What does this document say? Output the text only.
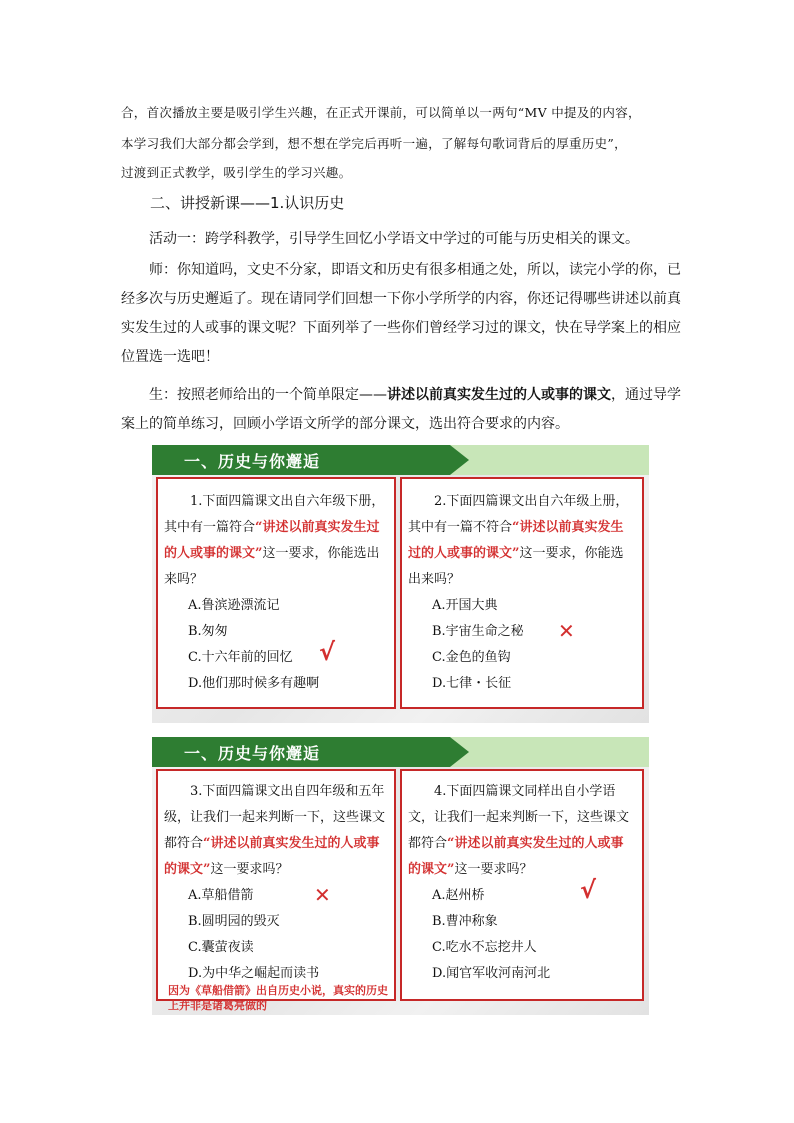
合，首次播放主要是吸引学生兴趣，在正式开课前，可以简单以一两句“MV 中提及的内容，

本学习我们大部分都会学到，想不想在学完后再听一遍，了解每句歌词背后的厚重历史”，

过渡到正式教学，吸引学生的学习兴趣。

二、讲授新课——1.认识历史

活动一：跨学科教学，引导学生回忆小学语文中学过的可能与历史相关的课文。

师：你知道吗，文史不分家，即语文和历史有很多相通之处，所以，读完小学的你，已经多次与历史邂逅了。现在请同学们回想一下你小学所学的内容，你还记得哪些讲述以前真实发生过的人或事的课文呢？下面列举了一些你们曾经学习过的课文，快在导学案上的相应位置选一选吧！

生：按照老师给出的一个简单限定——讲述以前真实发生过的人或事的课文，通过导学案上的简单练习，回顾小学语文所学的部分课文，选出符合要求的内容。

一、历史与你邂逅
1.下面四篇课文出自六年级下册，其中有一篇符合“讲述以前真实发生过的人或事的课文”这一要求，你能选出来吗？
A.鲁滨逊漂流记
B.匆匆
C.十六年前的回忆 √
D.他们那时候多有趣啊
2.下面四篇课文出自六年级上册，其中有一篇不符合“讲述以前真实发生过的人或事的课文”这一要求，你能选出来吗？
A.开国大典
B.宇宙生命之秘 ✕
C.金色的鱼钩
D.七律・长征
一、历史与你邂逅
3.下面四篇课文出自四年级和五年级，让我们一起来判断一下，这些课文都符合“讲述以前真实发生过的人或事的课文”这一要求吗？
A.草船借箭	✕
B.圆明园的毁灭
C.囊萤夜读
D.为中华之崛起而读书
因为《草船借箭》出自历史小说，真实的历史上并非是诸葛亮做的
4.下面四篇课文同样出自小学语文，让我们一起来判断一下，这些课文都符合“讲述以前真实发生过的人或事的课文”这一要求吗？
A.赵州桥	√
B.曹冲称象
C.吃水不忘挖井人
D.闻官军收河南河北
